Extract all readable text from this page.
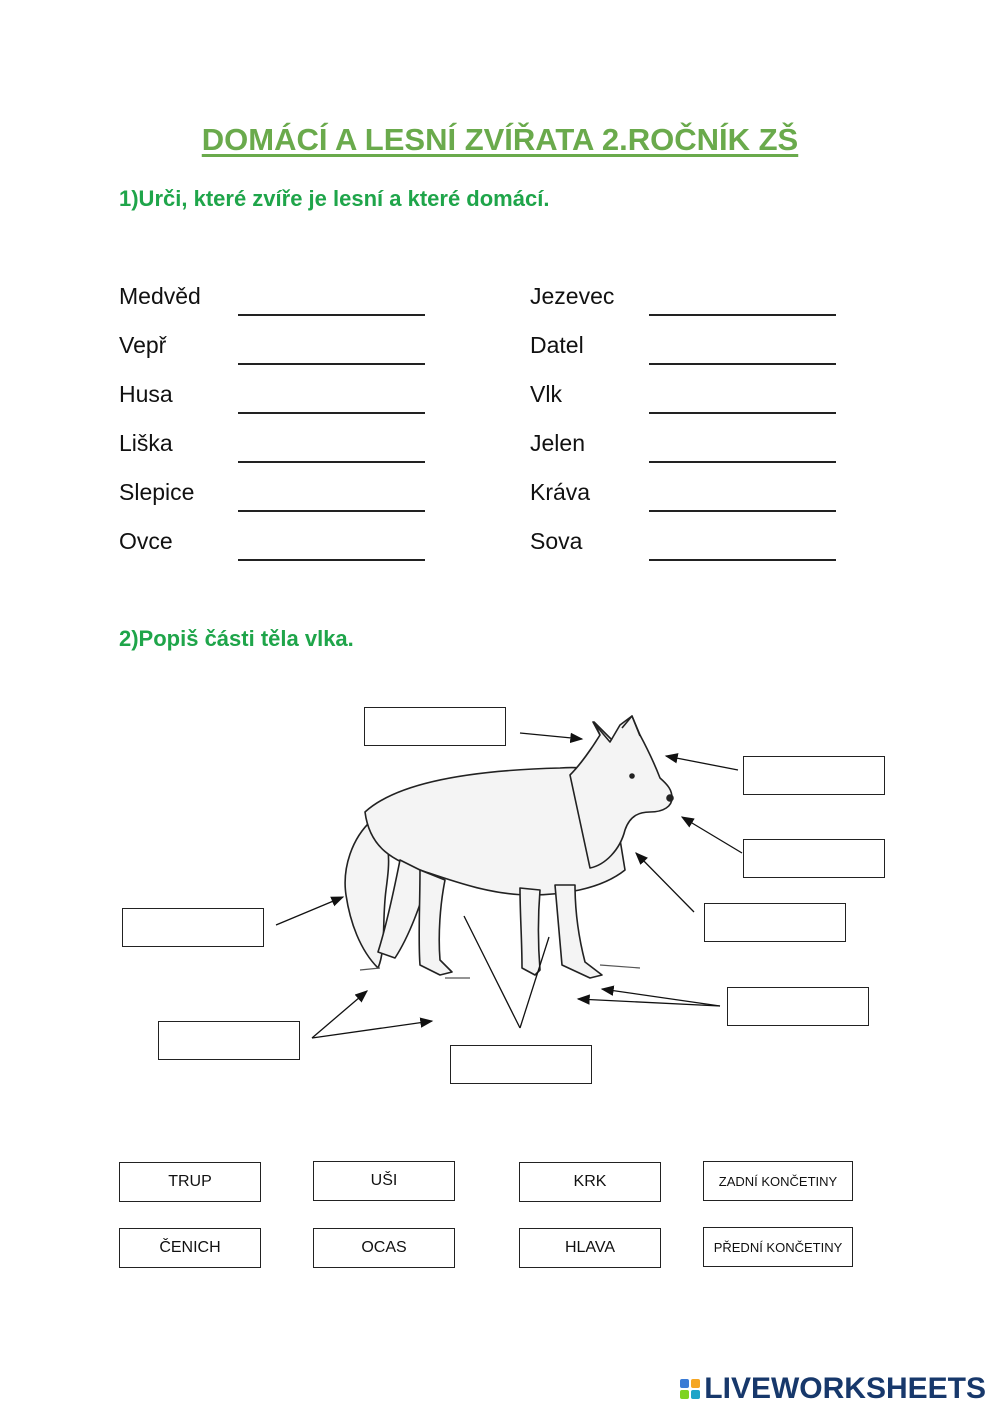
DOMÁCÍ A LESNÍ ZVÍŘATA 2.ROČNÍK ZŠ

1)Urči, které zvíře je lesní a které domácí.

Medvěd
Vepř
Husa
Liška
Slepice
Ovce
Jezevec
Datel
Vlk
Jelen
Kráva
Sova

2)Popiš části těla vlka.

TRUP	UŠI	KRK	ZADNÍ KONČETINY
ČENICH	OCAS	HLAVA	PŘEDNÍ KONČETINY
LIVEWORKSHEETS
